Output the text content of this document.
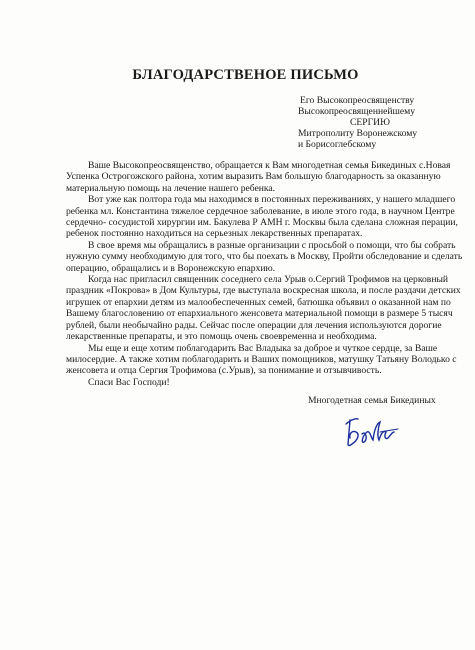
БЛАГОДАРСТВЕНОЕ ПИСЬМО
Его Высокопреосвященству
Высокопреосвященнейшему
СЕРГИЮ
Митрополиту Воронежскому
и Борисоглебскому
Ваше Высокопреосвященство, обращается к Вам многодетная семья Бикединых с.Новая
Успенка Острогожского района, хотим выразить Вам большую благодарность за оказанную
материальную помощь на лечение нашего ребенка.
Вот уже как полтора года мы находимся в постоянных переживаниях, у нашего младшего
ребенка мл. Константина тяжелое сердечное заболевание, в июле этого года, в научном Центре
сердечно- сосудистой хирургии им. Бакулева Р АМН г. Москвы была сделана сложная перации,
ребенок постоянно находиться на серьезных лекарственных препаратах.
В свое время мы обращались в разные организации с просьбой о помощи, что бы собрать
нужную сумму необходимую для того, что бы поехать в Москву, Пройти обследование и сделать
операцию, обращались и в Воронежскую епархию.
Когда нас пригласил священник соседнего села Урыв о.Сергий Трофимов на церковный
праздник «Покрова» в Дом Культуры, где выступала воскресная школа, и после раздачи детских
игрушек от епархии детям из малообеспеченных семей, батюшка объявил о оказанной нам по
Вашему благословению от епархиального женсовета материальной помощи в размере 5 тысяч
рублей, были необычайно рады. Сейчас после операции для лечения используются дорогие
лекарственные препараты, и это помощь очень своевременна и необходима.
Мы еще и еще хотим поблагодарить Вас Владыка за доброе и чуткое сердце, за Ваше
милосердие. А также хотим поблагодарить и Ваших помощников, матушку Татьяну Володько с
женсовета и отца Сергия Трофимова (с.Урыв), за понимание и отзывчивость.
Спаси Вас Господи!
Многодетная семья Бикединых
